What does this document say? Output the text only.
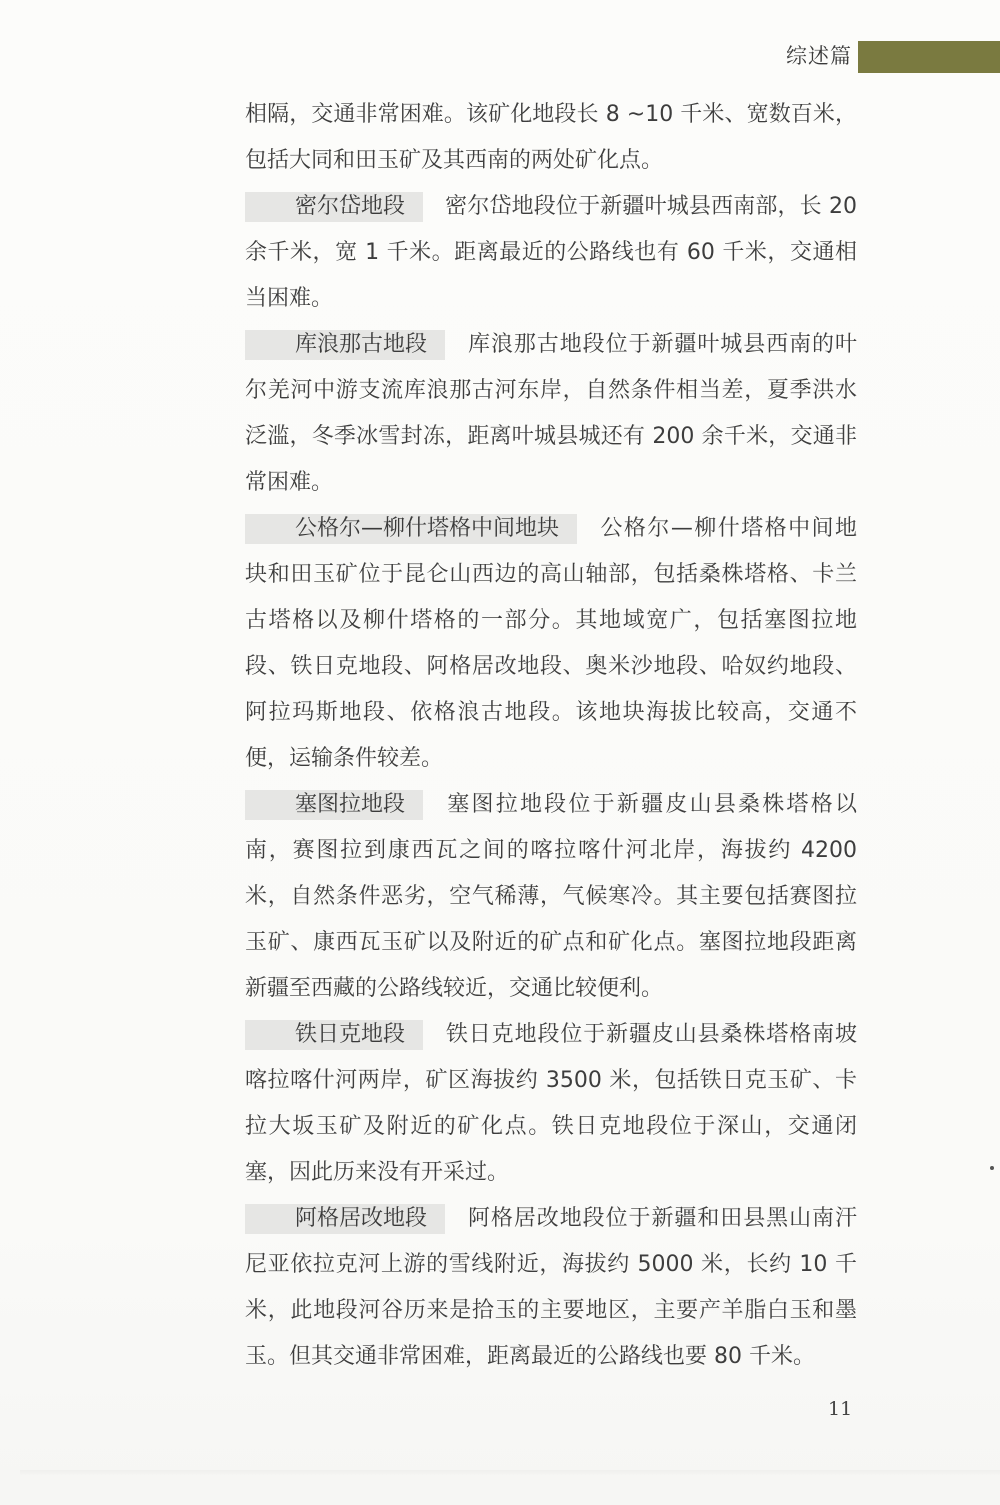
综述篇

相隔，交通非常困难。该矿化地段长 8 ~10 千米、宽数百米，包括大同和田玉矿及其西南的两处矿化点。

密尔岱地段 密尔岱地段位于新疆叶城县西南部，长 20 余千米，宽 1 千米。距离最近的公路线也有 60 千米，交通相当困难。

库浪那古地段 库浪那古地段位于新疆叶城县西南的叶尔羌河中游支流库浪那古河东岸，自然条件相当差，夏季洪水泛滥，冬季冰雪封冻，距离叶城县城还有 200 余千米，交通非常困难。

公格尔—柳什塔格中间地块 公格尔—柳什塔格中间地块和田玉矿位于昆仑山西边的高山轴部，包括桑株塔格、卡兰古塔格以及柳什塔格的一部分。其地域宽广，包括塞图拉地段、铁日克地段、阿格居改地段、奥米沙地段、哈奴约地段、阿拉玛斯地段、依格浪古地段。该地块海拔比较高，交通不便，运输条件较差。

塞图拉地段 塞图拉地段位于新疆皮山县桑株塔格以南，赛图拉到康西瓦之间的喀拉喀什河北岸，海拔约 4200 米，自然条件恶劣，空气稀薄，气候寒冷。其主要包括赛图拉玉矿、康西瓦玉矿以及附近的矿点和矿化点。塞图拉地段距离新疆至西藏的公路线较近，交通比较便利。

铁日克地段 铁日克地段位于新疆皮山县桑株塔格南坡喀拉喀什河两岸，矿区海拔约 3500 米，包括铁日克玉矿、卡拉大坂玉矿及附近的矿化点。铁日克地段位于深山，交通闭塞，因此历来没有开采过。

阿格居改地段 阿格居改地段位于新疆和田县黑山南汗尼亚依拉克河上游的雪线附近，海拔约 5000 米，长约 10 千米，此地段河谷历来是拾玉的主要地区，主要产羊脂白玉和墨玉。但其交通非常困难，距离最近的公路线也要 80 千米。

11
